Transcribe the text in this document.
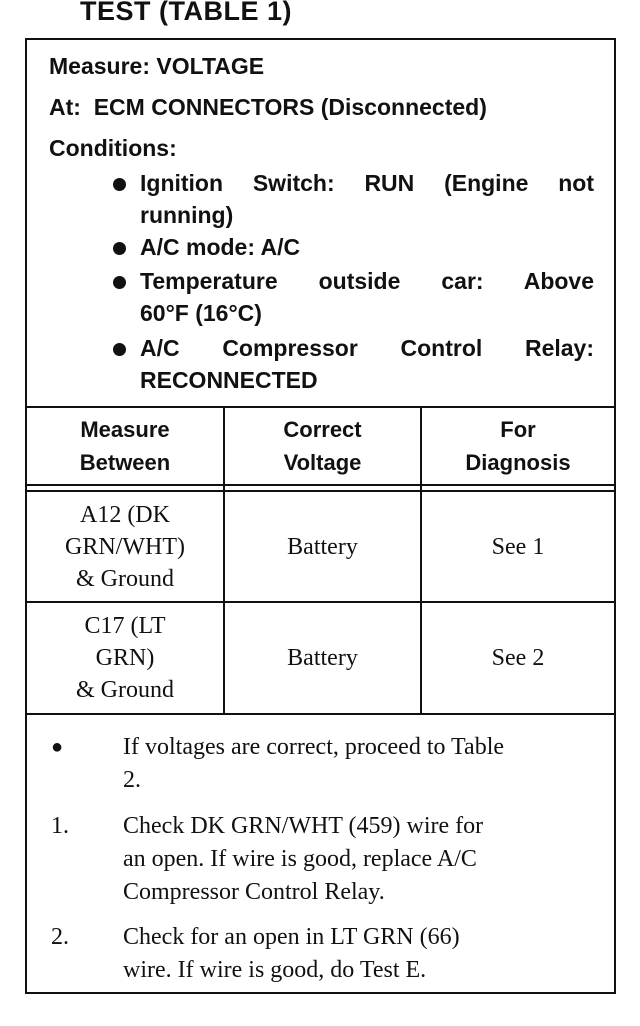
TEST (TABLE 1)

Measure: VOLTAGE

At: ECM CONNECTORS (Disconnected)

Conditions:

Ignition Switch: RUN (Engine not
running)
A/C mode: A/C
Temperature outside car: Above
60°F (16°C)
A/C Compressor Control Relay:
RECONNECTED
Measure
Between
Correct
Voltage
For
Diagnosis
A12 (DK
GRN/WHT)
& Ground
Battery	See 1
C17 (LT
GRN)
& Ground
Battery	See 2
● If voltages are correct, proceed to Table
2.
1. Check DK GRN/WHT (459) wire for
an open. If wire is good, replace A/C
Compressor Control Relay.
2. Check for an open in LT GRN (66)
wire. If wire is good, do Test E.
